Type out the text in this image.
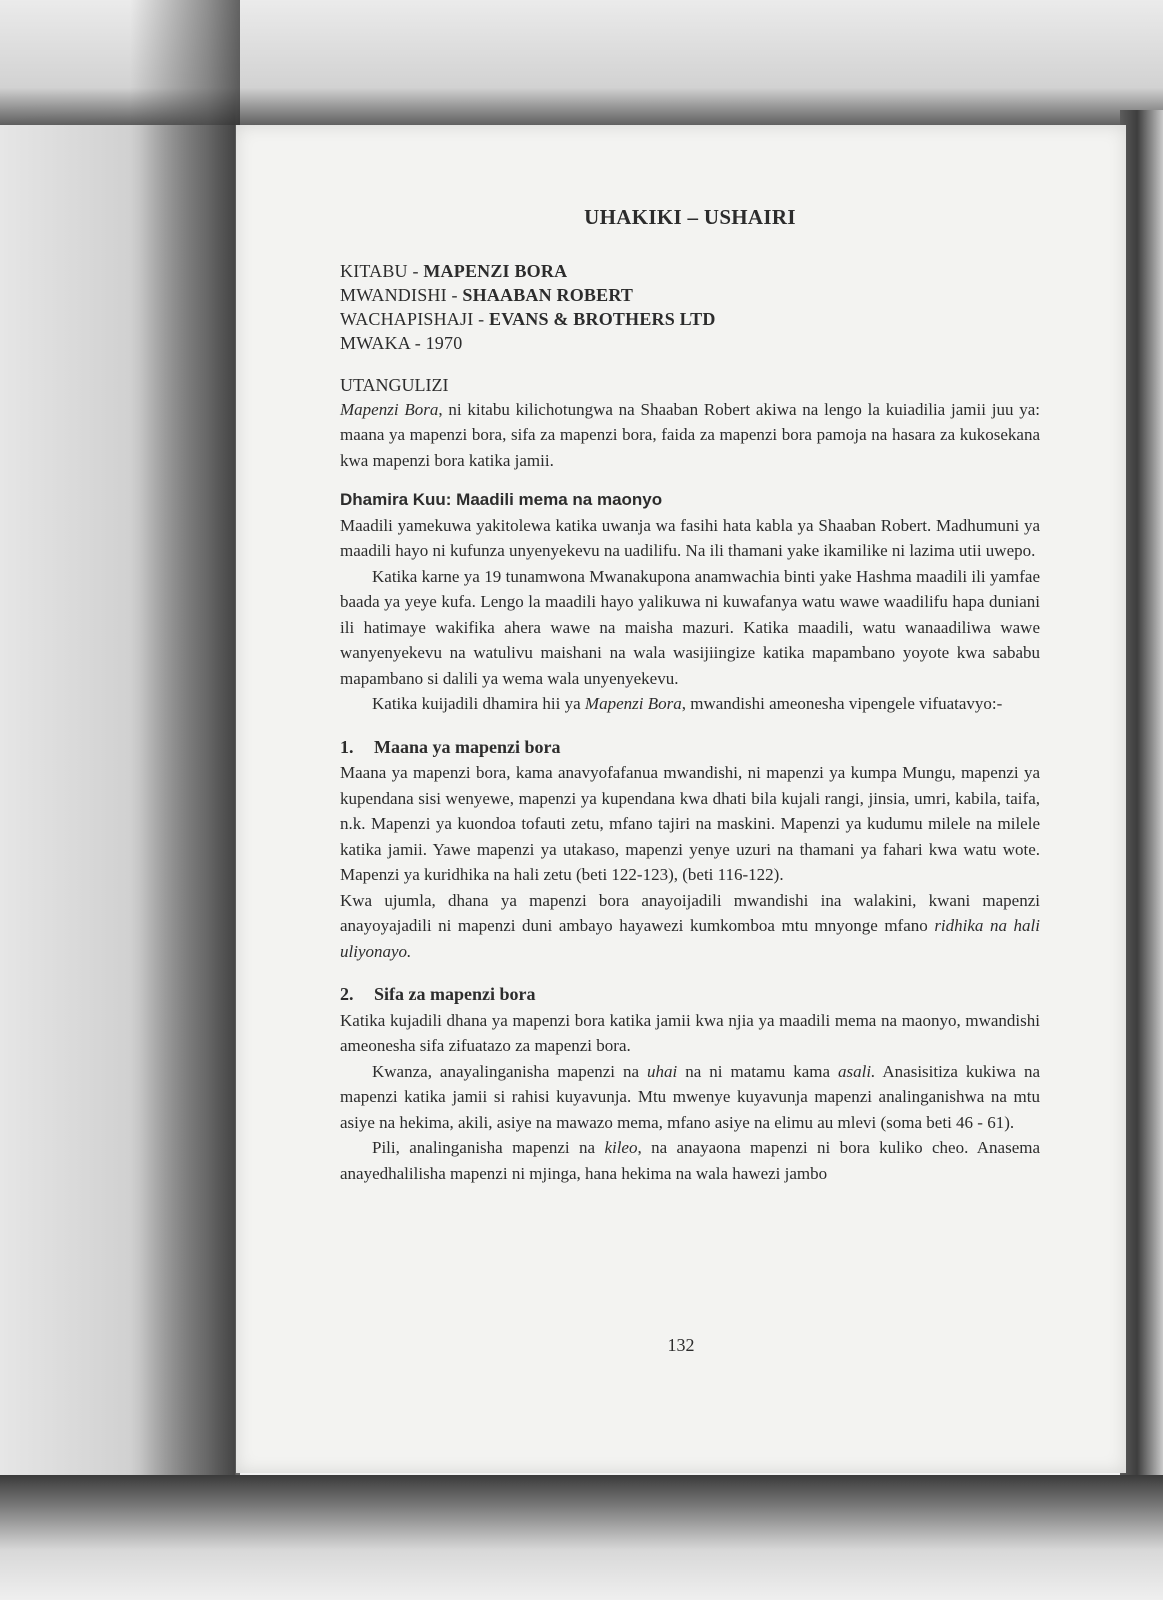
UHAKIKI – USHAIRI
KITABU - MAPENZI BORA
MWANDISHI - SHAABAN ROBERT
WACHAPISHAJI - EVANS & BROTHERS LTD
MWAKA - 1970
UTANGULIZI

Mapenzi Bora, ni kitabu kilichotungwa na Shaaban Robert akiwa na lengo la kuiadilia jamii juu ya: maana ya mapenzi bora, sifa za mapenzi bora, faida za mapenzi bora pamoja na hasara za kukosekana kwa mapenzi bora katika jamii.

Dhamira Kuu: Maadili mema na maonyo

Maadili yamekuwa yakitolewa katika uwanja wa fasihi hata kabla ya Shaaban Robert. Madhumuni ya maadili hayo ni kufunza unyenyekevu na uadilifu. Na ili thamani yake ikamilike ni lazima utii uwepo.

Katika karne ya 19 tunamwona Mwanakupona anamwachia binti yake Hashma maadili ili yamfae baada ya yeye kufa. Lengo la maadili hayo yalikuwa ni kuwafanya watu wawe waadilifu hapa duniani ili hatimaye wakifika ahera wawe na maisha mazuri. Katika maadili, watu wanaadiliwa wawe wanyenyekevu na watulivu maishani na wala wasijiingize katika mapambano yoyote kwa sababu mapambano si dalili ya wema wala unyenyekevu.

Katika kuijadili dhamira hii ya Mapenzi Bora, mwandishi ameonesha vipengele vifuatavyo:-

1. Maana ya mapenzi bora

Maana ya mapenzi bora, kama anavyofafanua mwandishi, ni mapenzi ya kumpa Mungu, mapenzi ya kupendana sisi wenyewe, mapenzi ya kupendana kwa dhati bila kujali rangi, jinsia, umri, kabila, taifa, n.k. Mapenzi ya kuondoa tofauti zetu, mfano tajiri na maskini. Mapenzi ya kudumu milele na milele katika jamii. Yawe mapenzi ya utakaso, mapenzi yenye uzuri na thamani ya fahari kwa watu wote. Mapenzi ya kuridhika na hali zetu (beti 122-123), (beti 116-122).

Kwa ujumla, dhana ya mapenzi bora anayoijadili mwandishi ina walakini, kwani mapenzi anayoyajadili ni mapenzi duni ambayo hayawezi kumkomboa mtu mnyonge mfano ridhika na hali uliyonayo.

2. Sifa za mapenzi bora

Katika kujadili dhana ya mapenzi bora katika jamii kwa njia ya maadili mema na maonyo, mwandishi ameonesha sifa zifuatazo za mapenzi bora.

Kwanza, anayalinganisha mapenzi na uhai na ni matamu kama asali. Anasisitiza kukiwa na mapenzi katika jamii si rahisi kuyavunja. Mtu mwenye kuyavunja mapenzi analinganishwa na mtu asiye na hekima, akili, asiye na mawazo mema, mfano asiye na elimu au mlevi (soma beti 46 - 61).

Pili, analinganisha mapenzi na kileo, na anayaona mapenzi ni bora kuliko cheo. Anasema anayedhalilisha mapenzi ni mjinga, hana hekima na wala hawezi jambo

132
